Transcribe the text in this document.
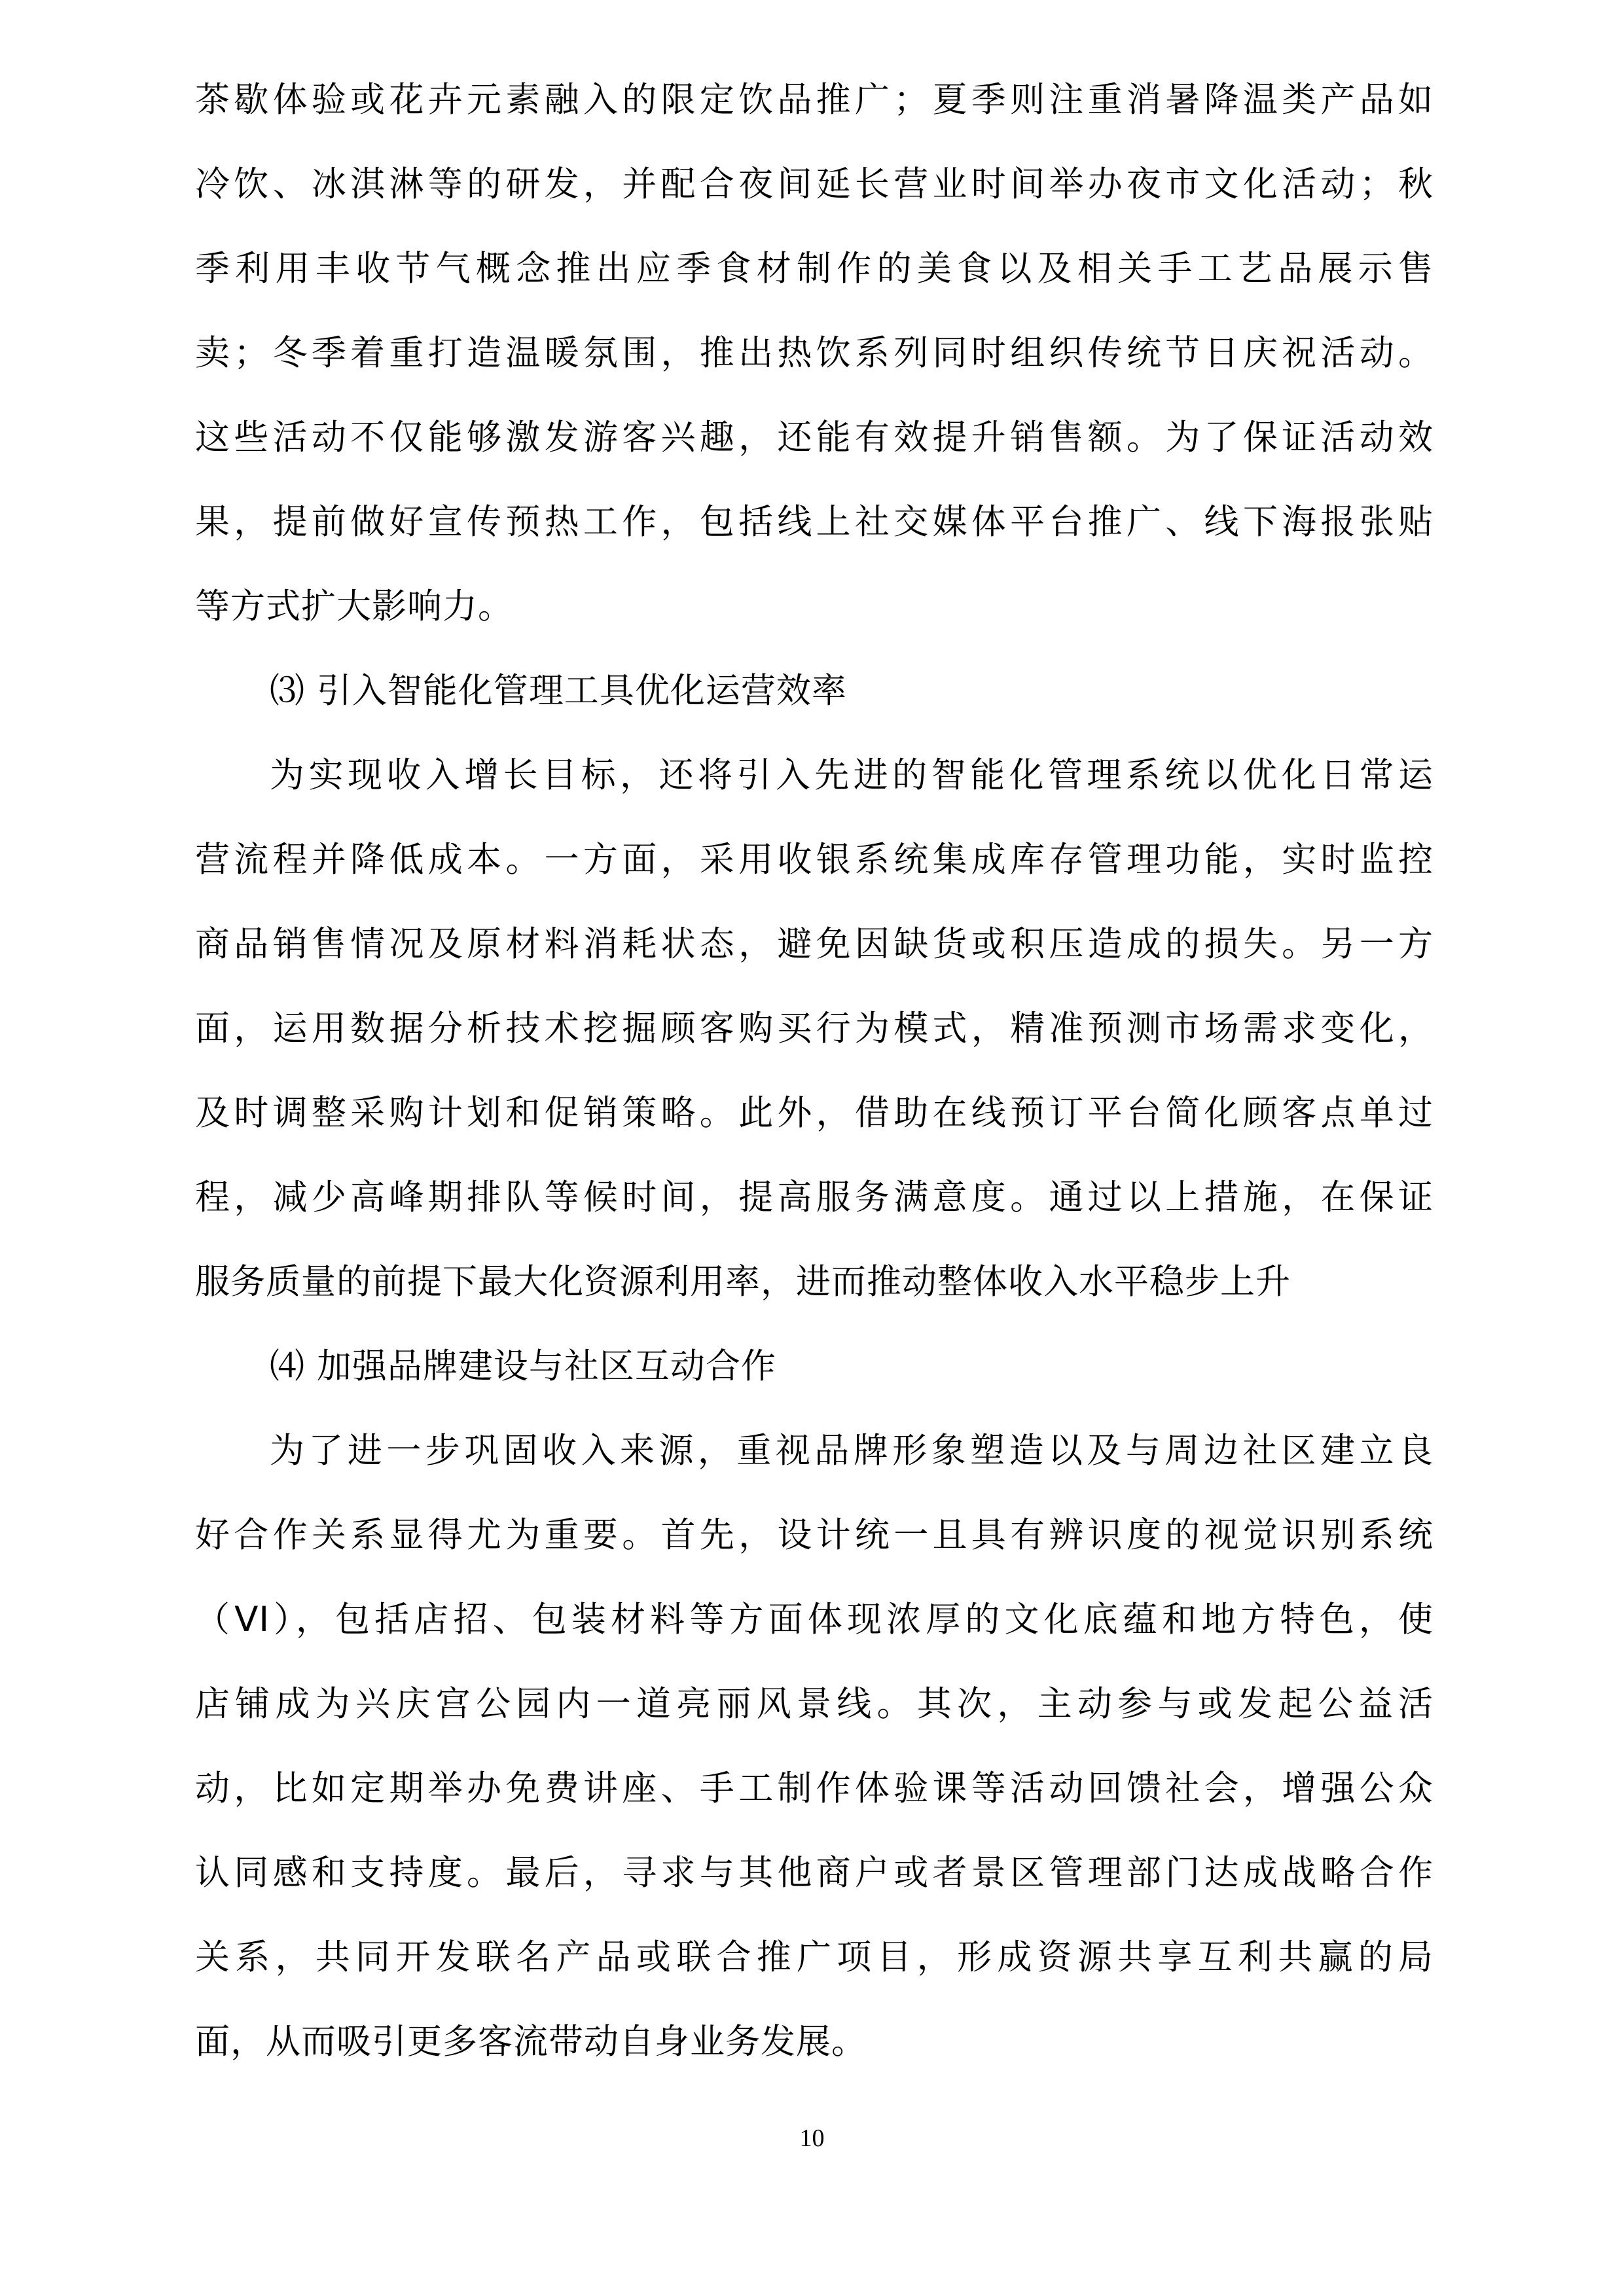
茶歇体验或花卉元素融入的限定饮品推广；夏季则注重消暑降温类产品如

冷饮、冰淇淋等的研发，并配合夜间延长营业时间举办夜市文化活动；秋

季利用丰收节气概念推出应季食材制作的美食以及相关手工艺品展示售

卖；冬季着重打造温暖氛围，推出热饮系列同时组织传统节日庆祝活动。

这些活动不仅能够激发游客兴趣，还能有效提升销售额。为了保证活动效

果，提前做好宣传预热工作，包括线上社交媒体平台推广、线下海报张贴

等方式扩大影响力。

⑶ 引入智能化管理工具优化运营效率

为实现收入增长目标，还将引入先进的智能化管理系统以优化日常运

营流程并降低成本。一方面，采用收银系统集成库存管理功能，实时监控

商品销售情况及原材料消耗状态，避免因缺货或积压造成的损失。另一方

面，运用数据分析技术挖掘顾客购买行为模式，精准预测市场需求变化，

及时调整采购计划和促销策略。此外，借助在线预订平台简化顾客点单过

程，减少高峰期排队等候时间，提高服务满意度。通过以上措施，在保证

服务质量的前提下最大化资源利用率，进而推动整体收入水平稳步上升

⑷ 加强品牌建设与社区互动合作

为了进一步巩固收入来源，重视品牌形象塑造以及与周边社区建立良

好合作关系显得尤为重要。首先，设计统一且具有辨识度的视觉识别系统

（VI），包括店招、包装材料等方面体现浓厚的文化底蕴和地方特色，使

店铺成为兴庆宫公园内一道亮丽风景线。其次，主动参与或发起公益活

动，比如定期举办免费讲座、手工制作体验课等活动回馈社会，增强公众

认同感和支持度。最后，寻求与其他商户或者景区管理部门达成战略合作

关系，共同开发联名产品或联合推广项目，形成资源共享互利共赢的局

面，从而吸引更多客流带动自身业务发展。

10
